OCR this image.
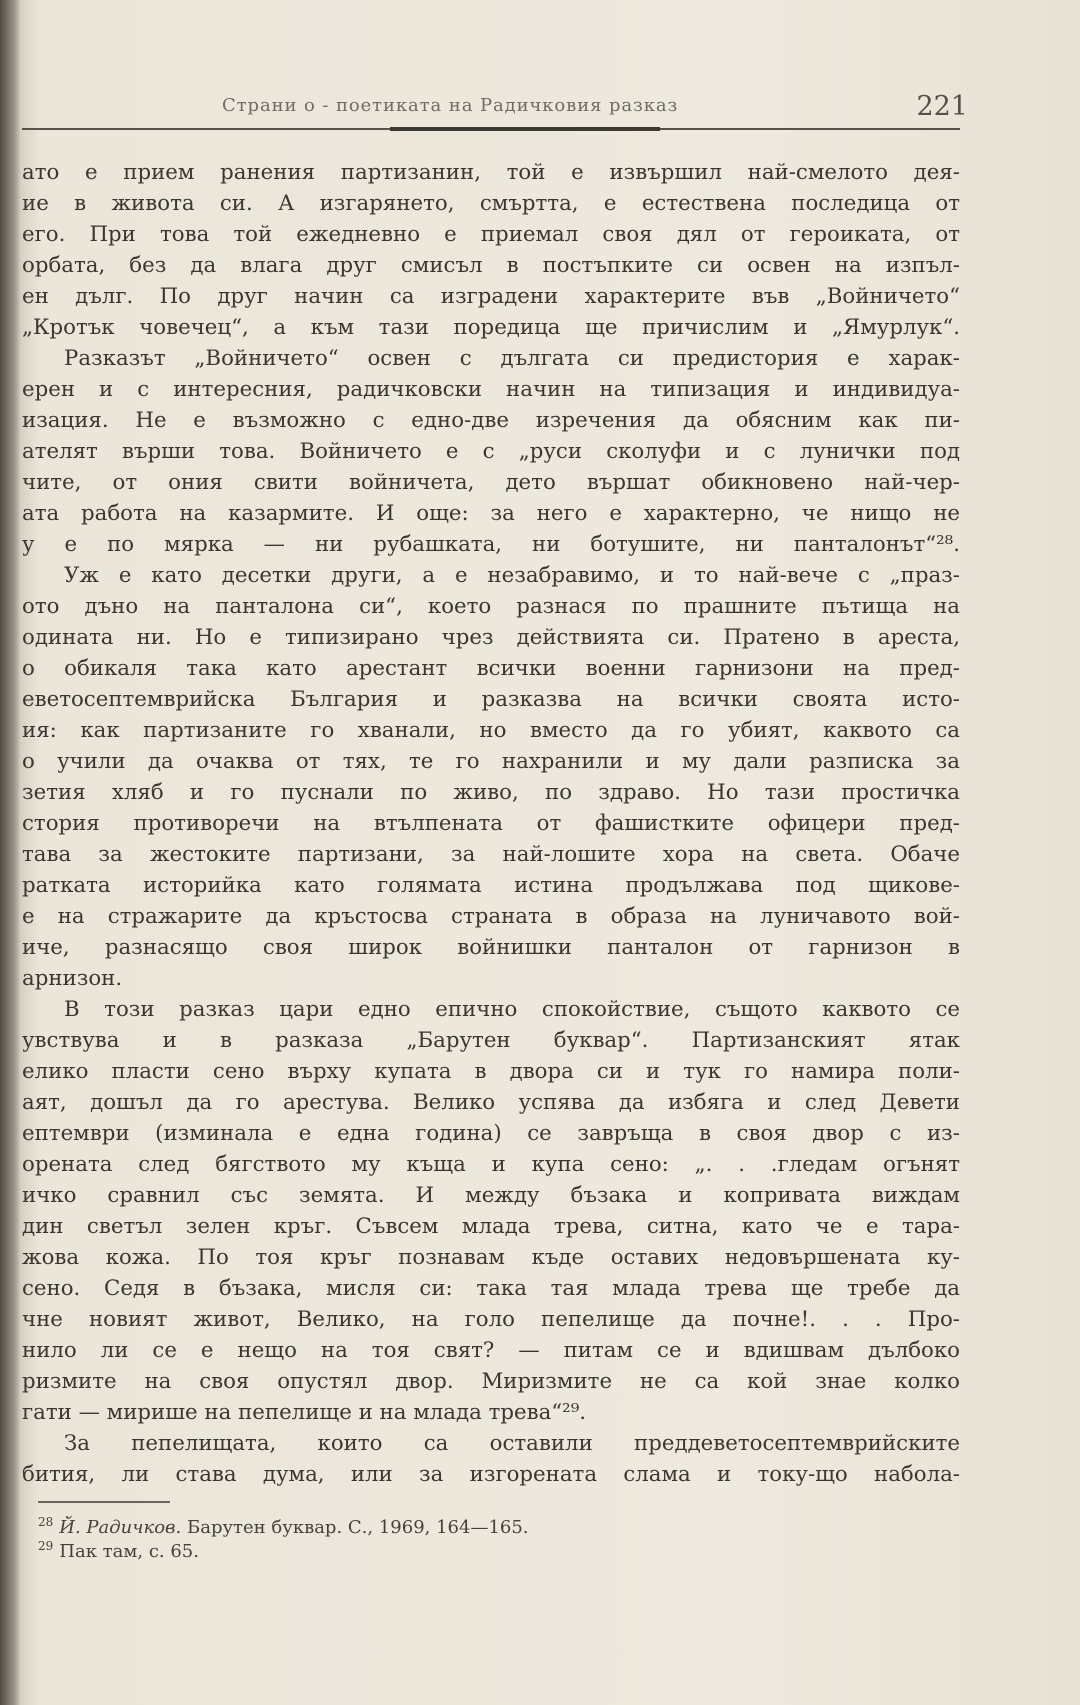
Страни о - поетиката на Радичковия разказ	221
ато е прием ранения партизанин, той е извършил най-смелото дея-
ие в живота си. А изгарянето, смъртта, е естествена последица от
его. При това той ежедневно е приемал своя дял от героиката, от
орбата, без да влага друг смисъл в постъпките си освен на изпъл-
ен дълг. По друг начин са изградени характерите във „Войничето“
„Кротък човечец“, а към тази поредица ще причислим и „Ямурлук“.
Разказът „Войничето“ освен с дългата си предистория е харак-
ерен и с интересния, радичковски начин на типизация и индивидуа-
изация. Не е възможно с едно-две изречения да обясним как пи-
ателят върши това. Войничето е с „руси сколуфи и с лунички под
чите, от ония свити войничета, дето вършат обикновено най-чер-
ата работа на казармите. И още: за него е характерно, че нищо не
у е по мярка — ни рубашката, ни ботушите, ни панталонът“²⁸.
Уж е като десетки други, а е незабравимо, и то най-вече с „праз-
ото дъно на панталона си“, което разнася по прашните пътища на
одината ни. Но е типизирано чрез действията си. Пратено в ареста,
о обикаля така като арестант всички военни гарнизони на пред-
еветосептемврийска България и разказва на всички своята исто-
ия: как партизаните го хванали, но вместо да го убият, каквото са
о учили да очаква от тях, те го нахранили и му дали разписка за
зетия хляб и го пуснали по живо, по здраво. Но тази простичка
стория противоречи на втълпената от фашистките офицери пред-
тава за жестоките партизани, за най-лошите хора на света. Обаче
ратката историйка като голямата истина продължава под щикове-
е на стражарите да кръстосва страната в образа на луничавото вой-
иче, разнасящо своя широк войнишки панталон от гарнизон в
арнизон.
В този разказ цари едно епично спокойствие, същото каквото се
увствува и в разказа „Барутен буквар“. Партизанският ятак
елико пласти сено върху купата в двора си и тук го намира поли-
аят, дошъл да го арестува. Велико успява да избяга и след Девети
ептември (изминала е една година) се завръща в своя двор с из-
орената след бягството му къща и купа сено: „. . .гледам огънят
ичко сравнил със земята. И между бъзака и копривата виждам
дин светъл зелен кръг. Съвсем млада трева, ситна, като че е тара-
жова кожа. По тоя кръг познавам къде оставих недовършената ку-
сено. Седя в бъзака, мисля си: така тая млада трева ще требе да
чне новият живот, Велико, на голо пепелище да почне!. . . Про-
нило ли се е нещо на тоя свят? — питам се и вдишвам дълбоко
ризмите на своя опустял двор. Миризмите не са кой знае колко
гати — мирише на пепелище и на млада трева“²⁹.
За пепелищата, които са оставили преддеветосептемврийските
бития, ли става дума, или за изгорената слама и току-що набола-
$^{28}$ Й. Радичков. Барутен буквар. С., 1969, 164—165.
$^{29}$ Пак там, с. 65.
